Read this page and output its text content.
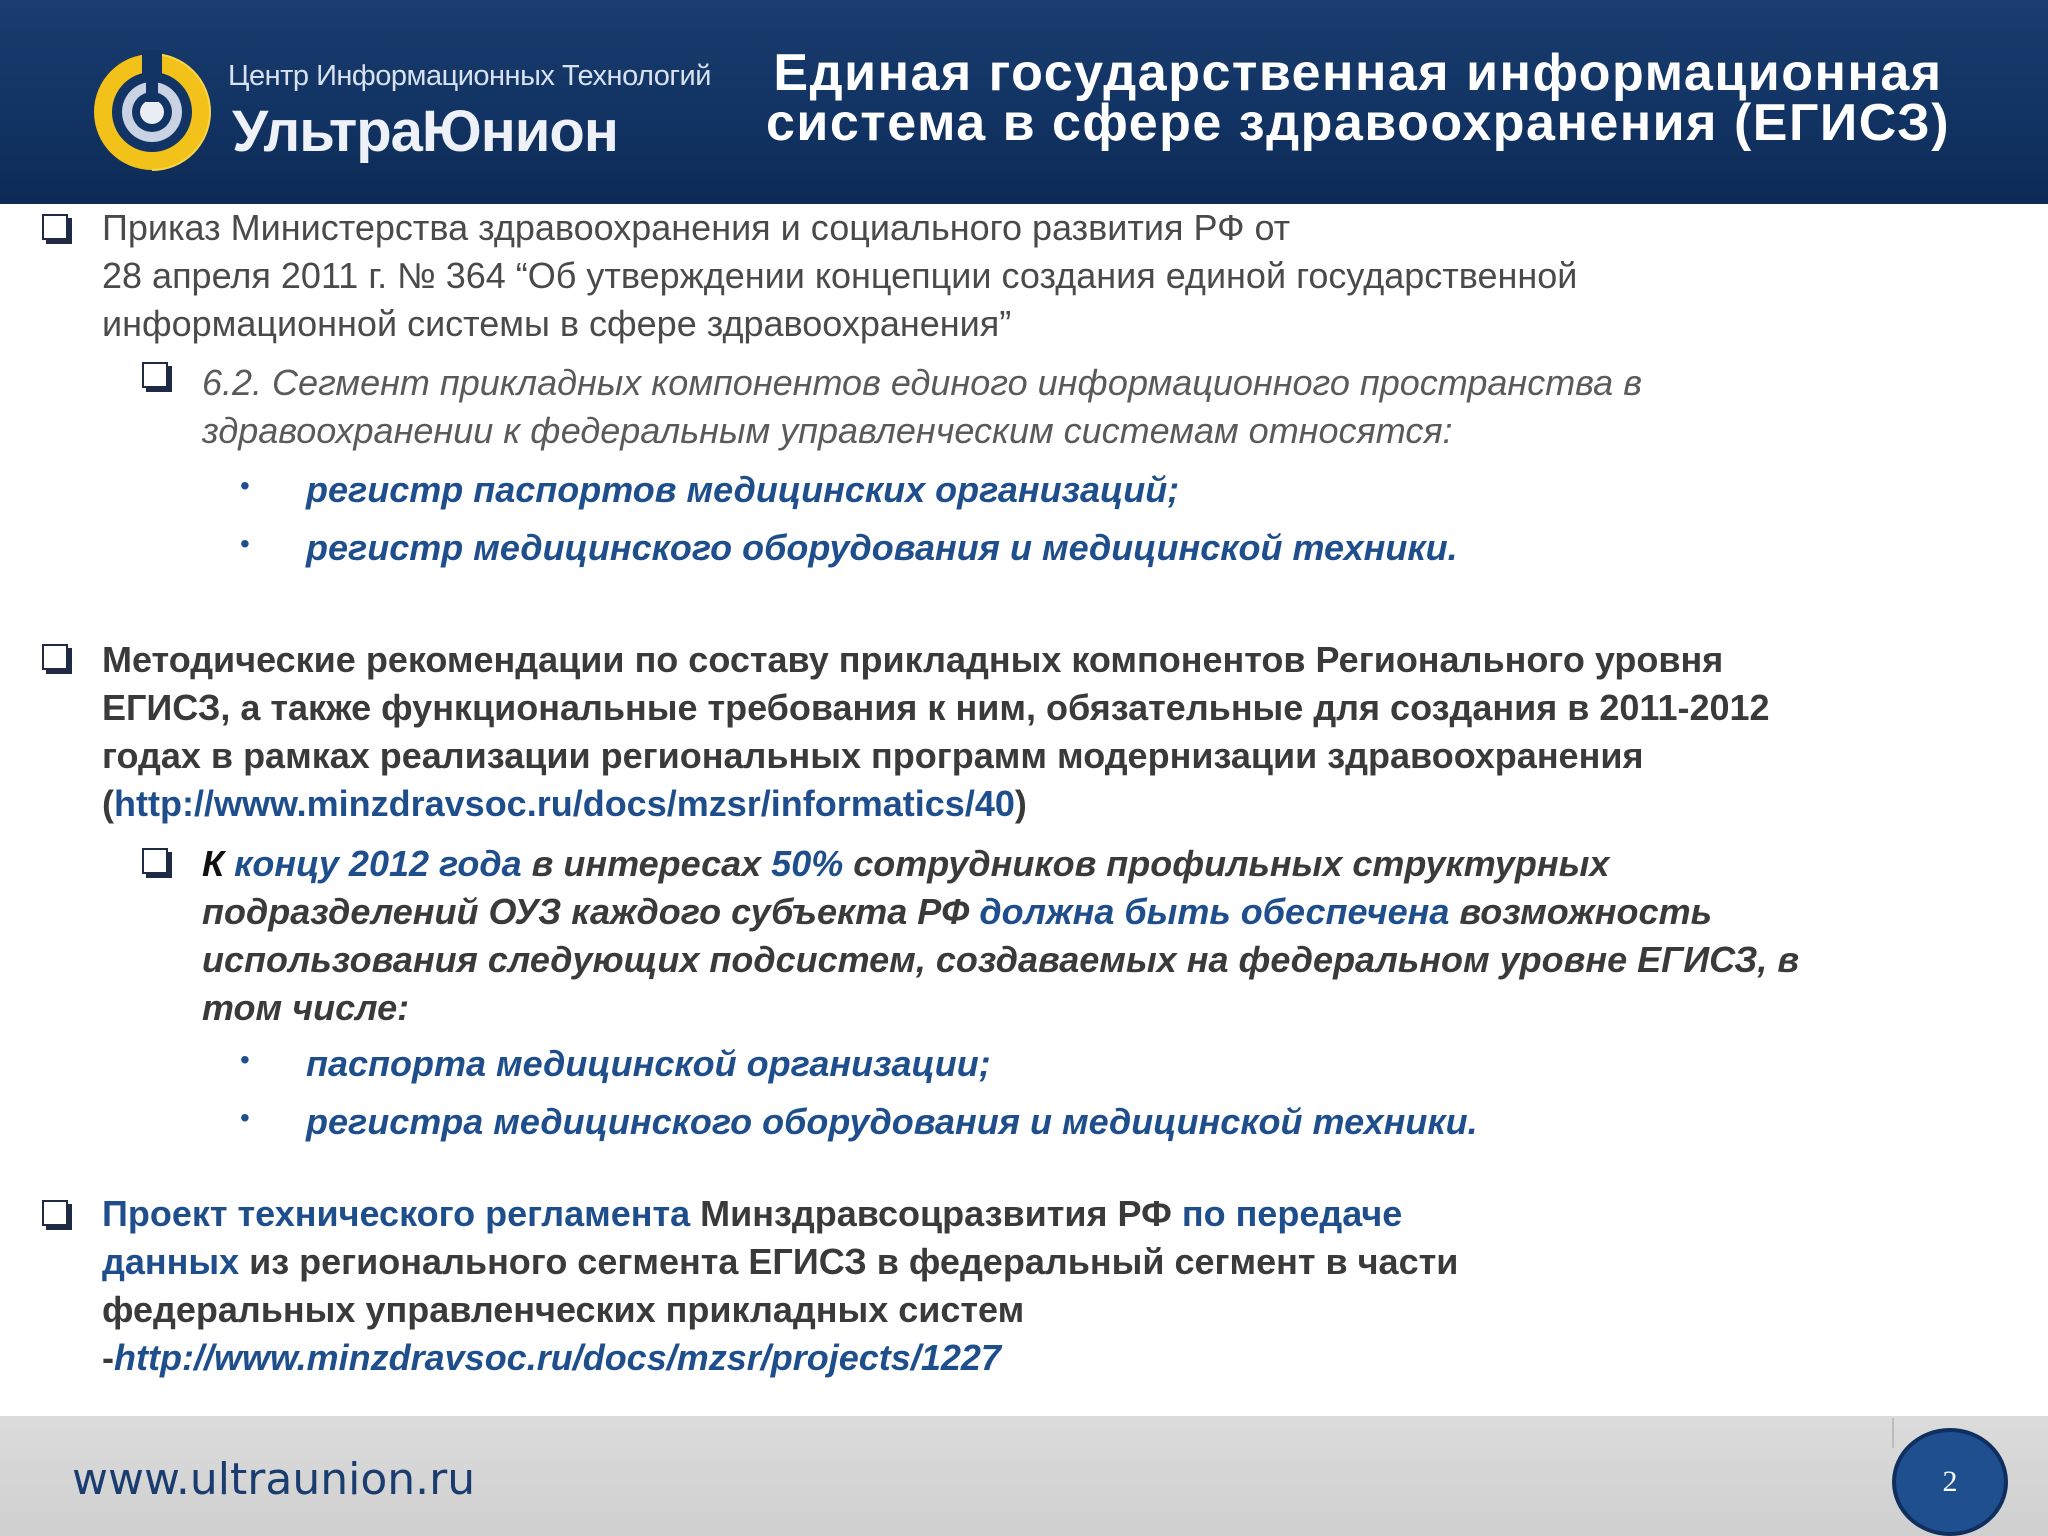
Центр Информационных Технологий
УльтраЮнион
Единая государственная информационная
система в сфере здравоохранения (ЕГИСЗ)
Приказ Министерства здравоохранения и социального развития РФ от
28 апреля 2011 г. № 364 “Об утверждении концепции создания единой государственной
информационной системы в сфере здравоохранения”
6.2. Сегмент прикладных компонентов единого информационного пространства в
здравоохранении к федеральным управленческим системам относятся:
• регистр паспортов медицинских организаций;
• регистр медицинского оборудования и медицинской техники.
Методические рекомендации по составу прикладных компонентов Регионального уровня
ЕГИСЗ, а также функциональные требования к ним, обязательные для создания в 2011-2012
годах в рамках реализации региональных программ модернизации здравоохранения
(http://www.minzdravsoc.ru/docs/mzsr/informatics/40)
К концу 2012 года в интересах 50% сотрудников профильных структурных
подразделений ОУЗ каждого субъекта РФ должна быть обеспечена возможность
использования следующих подсистем, создаваемых на федеральном уровне ЕГИСЗ, в
том числе:
• паспорта медицинской организации;
• регистра медицинского оборудования и медицинской техники.
Проект технического регламента Минздравсоцразвития РФ по передаче
данных из регионального сегмента ЕГИСЗ в федеральный сегмент в части
федеральных управленческих прикладных систем
-http://www.minzdravsoc.ru/docs/mzsr/projects/1227
www.ultraunion.ru	2
